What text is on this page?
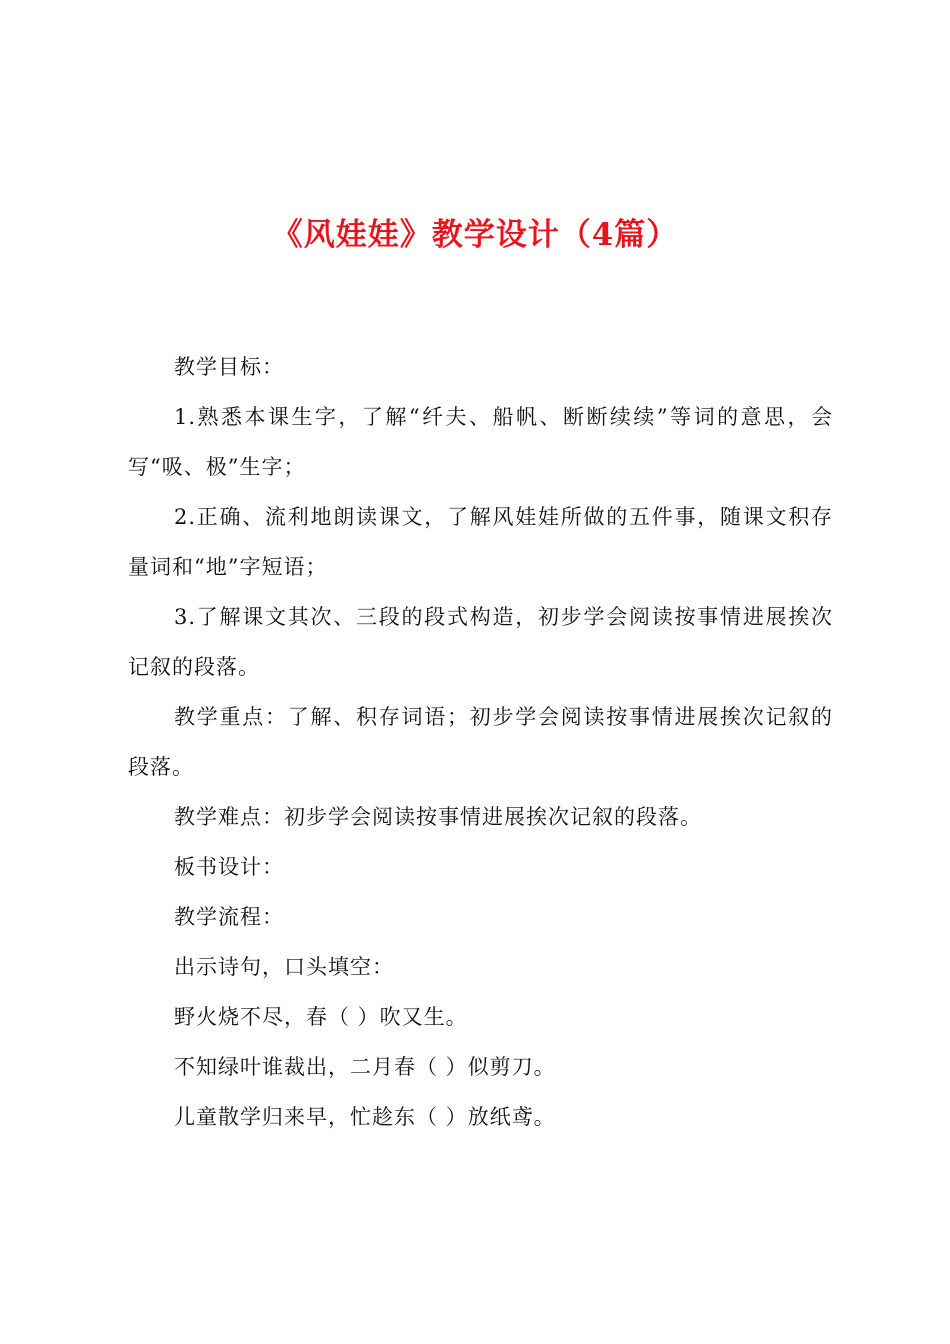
《风娃娃》教学设计（4篇）

教学目标：

1.熟悉本课生字，了解“纤夫、船帆、断断续续”等词的意思，会写“吸、极”生字；

2.正确、流利地朗读课文，了解风娃娃所做的五件事，随课文积存量词和“地”字短语；

3.了解课文其次、三段的段式构造，初步学会阅读按事情进展挨次记叙的段落。

教学重点：了解、积存词语；初步学会阅读按事情进展挨次记叙的段落。

教学难点：初步学会阅读按事情进展挨次记叙的段落。

板书设计：

教学流程：

出示诗句，口头填空：

野火烧不尽，春（ ）吹又生。

不知绿叶谁裁出，二月春（ ）似剪刀。

儿童散学归来早，忙趁东（ ）放纸鸢。
